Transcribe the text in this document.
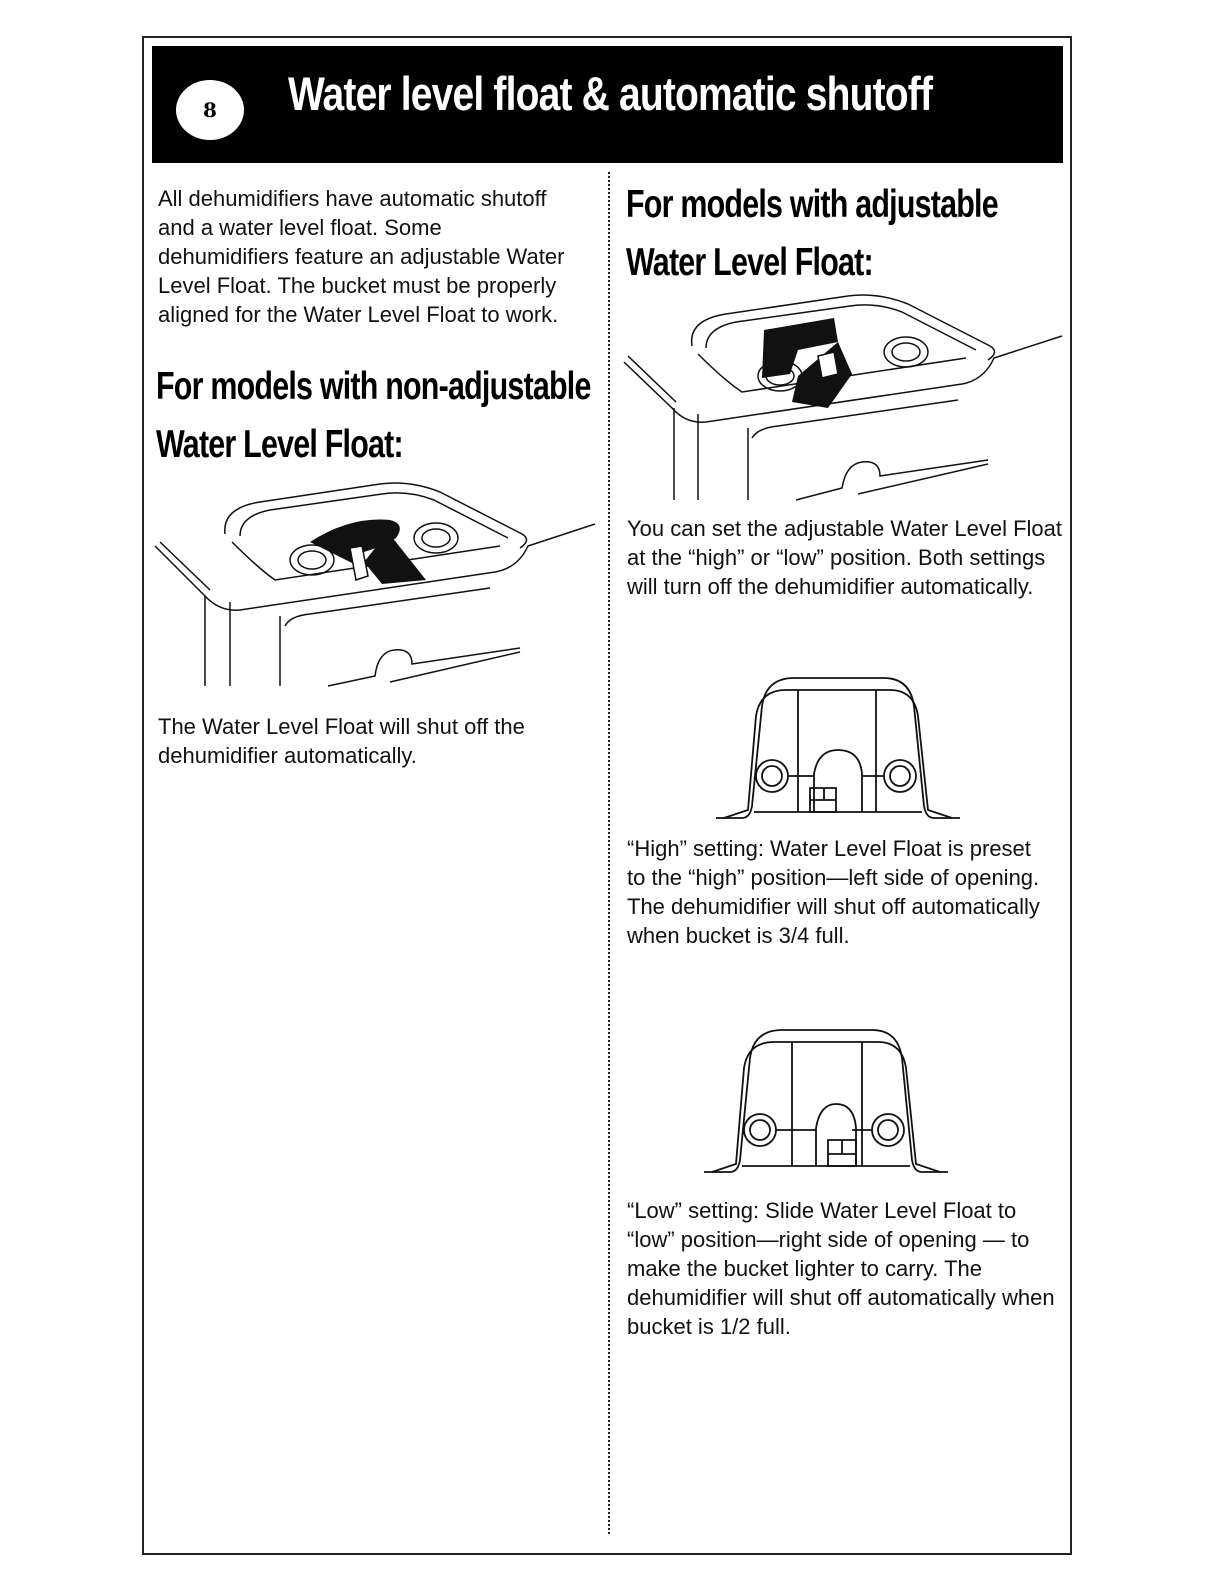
8	Water level float & automatic shutoff

All dehumidifiers have automatic shutoff and a water level float. Some dehumidifiers feature an adjustable Water Level Float. The bucket must be properly aligned for the Water Level Float to work.

For models with non-adjustable
Water Level Float:

The Water Level Float will shut off the dehumidifier automatically.

For models with adjustable
Water Level Float:

You can set the adjustable Water Level Float at the “high” or “low” position. Both settings will turn off the dehumidifier automatically.

“High” setting: Water Level Float is preset to the “high” position—left side of opening. The dehumidifier will shut off automatically when bucket is 3/4 full.

“Low” setting: Slide Water Level Float to “low” position—right side of opening — to make the bucket lighter to carry. The dehumidifier will shut off automatically when bucket is 1/2 full.
